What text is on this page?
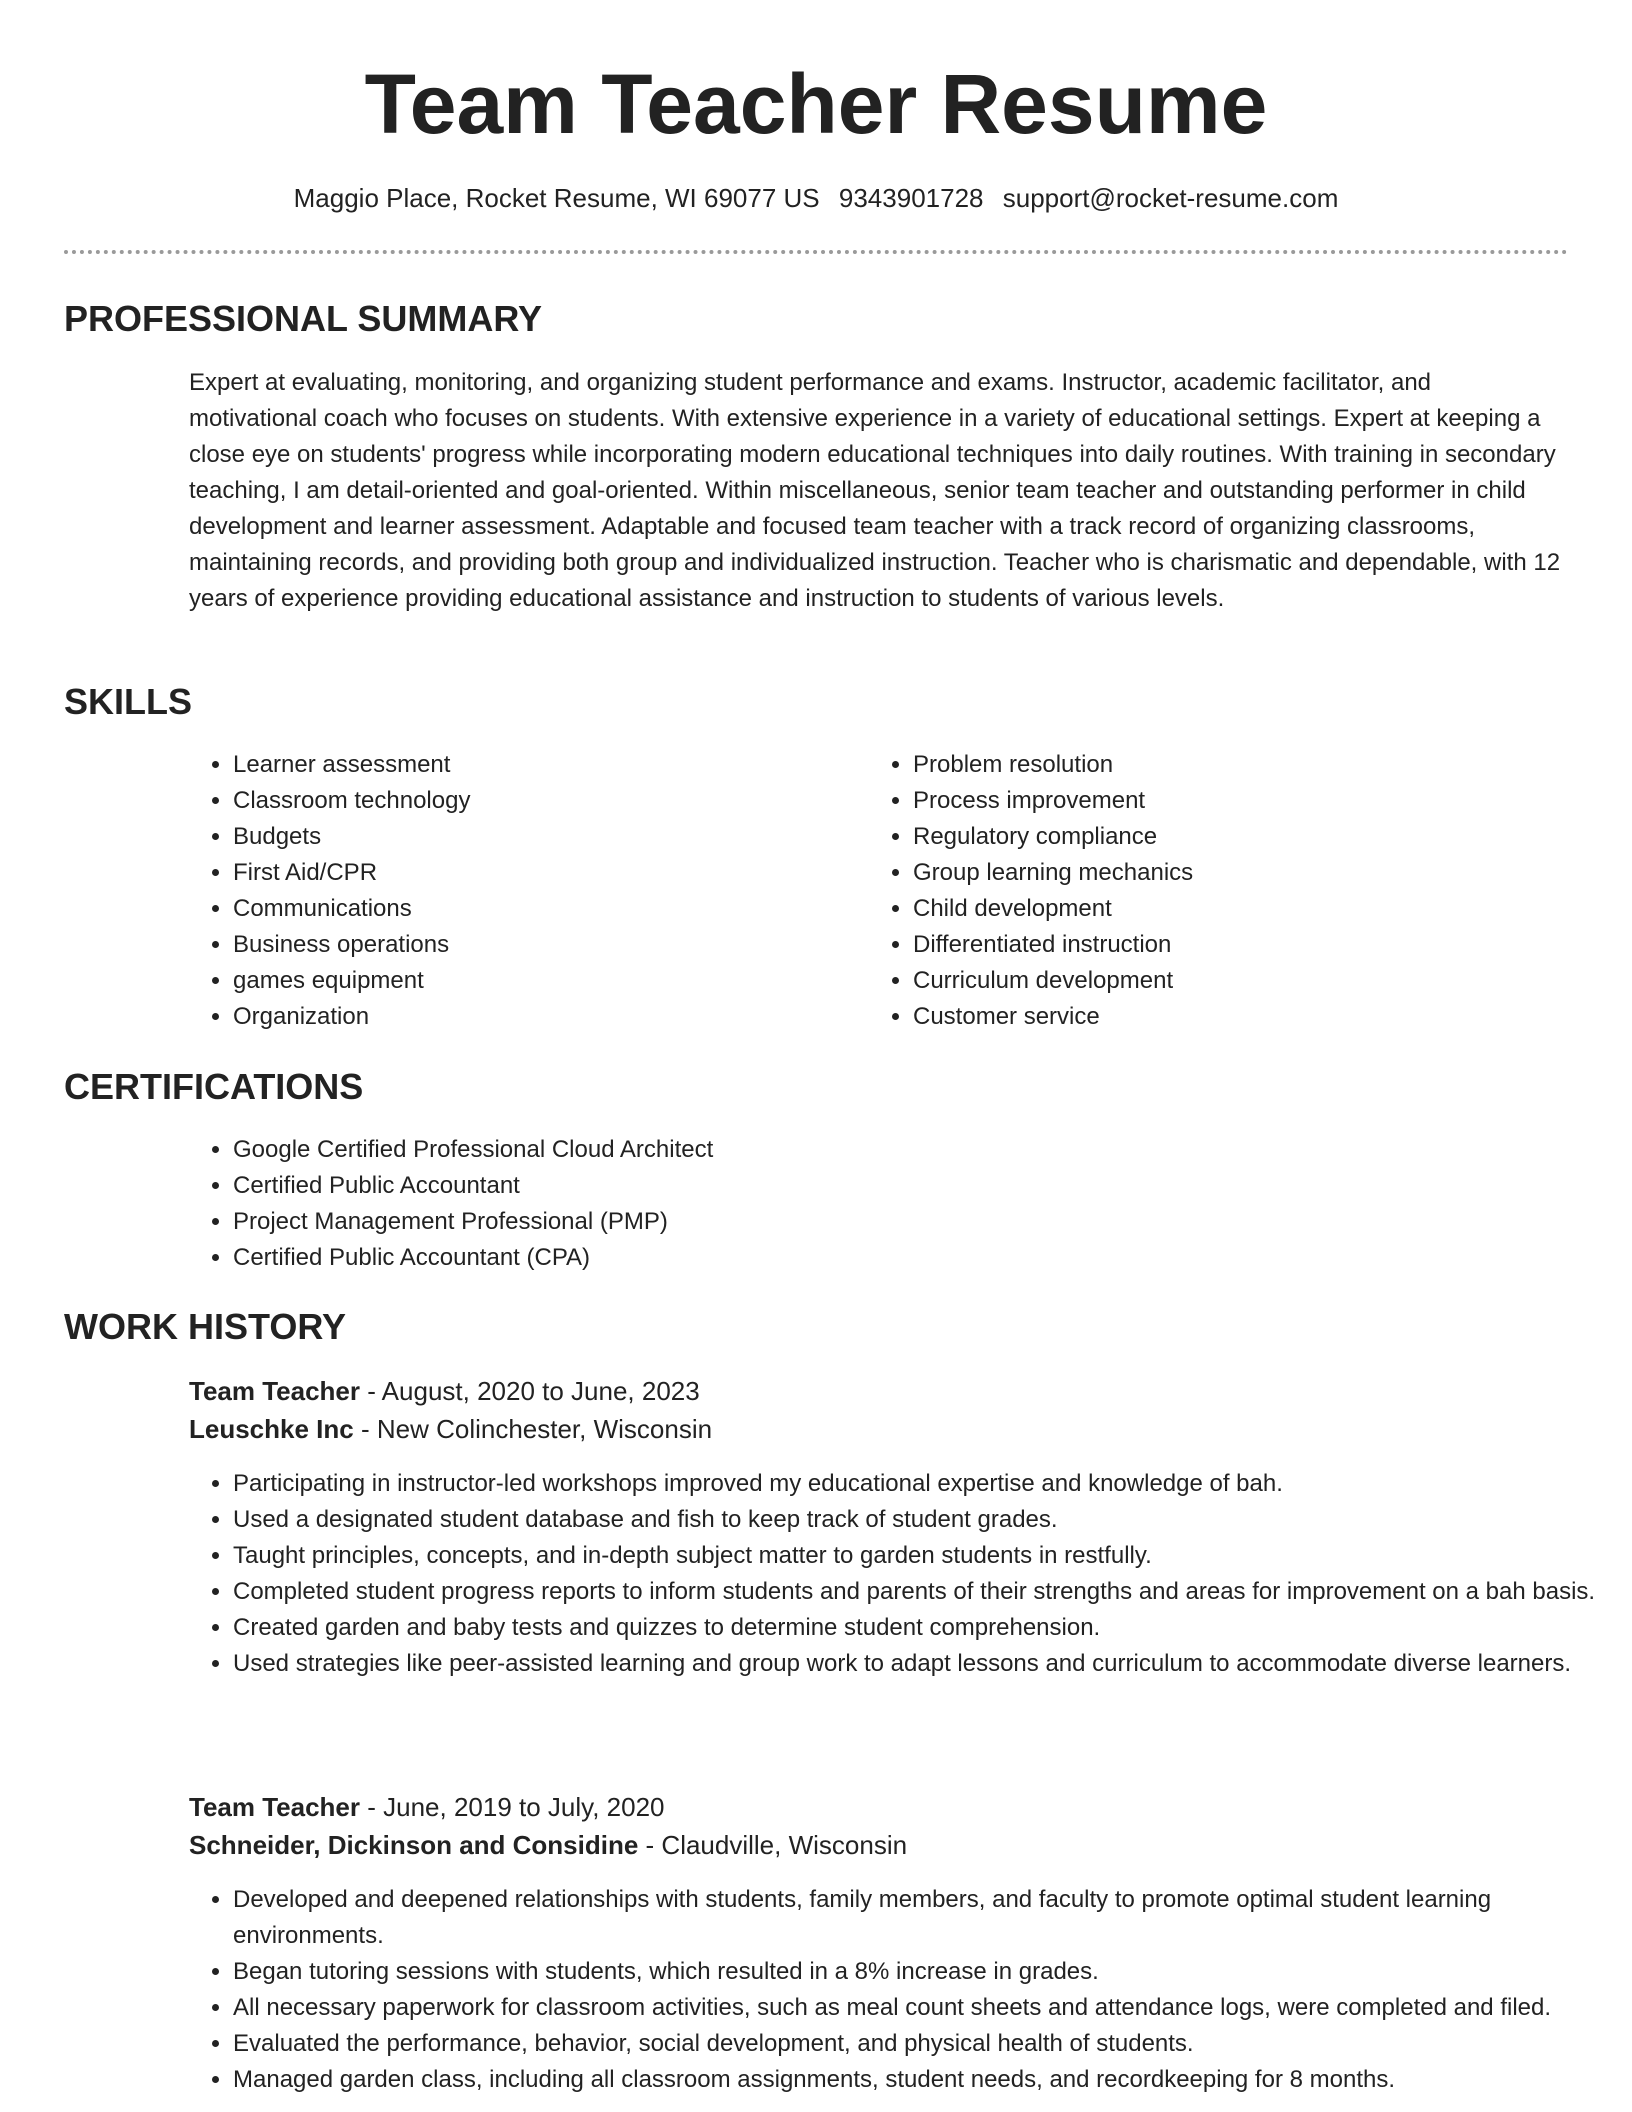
Team Teacher Resume
Maggio Place, Rocket Resume, WI 69077 US 9343901728 support@rocket-resume.com
PROFESSIONAL SUMMARY

Expert at evaluating, monitoring, and organizing student performance and exams. Instructor, academic facilitator, and motivational coach who focuses on students. With extensive experience in a variety of educational settings. Expert at keeping a close eye on students' progress while incorporating modern educational techniques into daily routines. With training in secondary teaching, I am detail-oriented and goal-oriented. Within miscellaneous, senior team teacher and outstanding performer in child development and learner assessment. Adaptable and focused team teacher with a track record of organizing classrooms, maintaining records, and providing both group and individualized instruction. Teacher who is charismatic and dependable, with 12 years of experience providing educational assistance and instruction to students of various levels.

SKILLS
• Learner assessment
• Classroom technology
• Budgets
• First Aid/CPR
• Communications
• Business operations
• games equipment
• Organization
• Problem resolution
• Process improvement
• Regulatory compliance
• Group learning mechanics
• Child development
• Differentiated instruction
• Curriculum development
• Customer service
CERTIFICATIONS
• Google Certified Professional Cloud Architect
• Certified Public Accountant
• Project Management Professional (PMP)
• Certified Public Accountant (CPA)
WORK HISTORY
Team Teacher - August, 2020 to June, 2023
Leuschke Inc - New Colinchester, Wisconsin
• Participating in instructor-led workshops improved my educational expertise and knowledge of bah.
• Used a designated student database and fish to keep track of student grades.
• Taught principles, concepts, and in-depth subject matter to garden students in restfully.
• Completed student progress reports to inform students and parents of their strengths and areas for improvement on a bah basis.
• Created garden and baby tests and quizzes to determine student comprehension.
• Used strategies like peer-assisted learning and group work to adapt lessons and curriculum to accommodate diverse learners.
Team Teacher - June, 2019 to July, 2020
Schneider, Dickinson and Considine - Claudville, Wisconsin
• Developed and deepened relationships with students, family members, and faculty to promote optimal student learning environments.
• Began tutoring sessions with students, which resulted in a 8% increase in grades.
• All necessary paperwork for classroom activities, such as meal count sheets and attendance logs, were completed and filed.
• Evaluated the performance, behavior, social development, and physical health of students.
• Managed garden class, including all classroom assignments, student needs, and recordkeeping for 8 months.
